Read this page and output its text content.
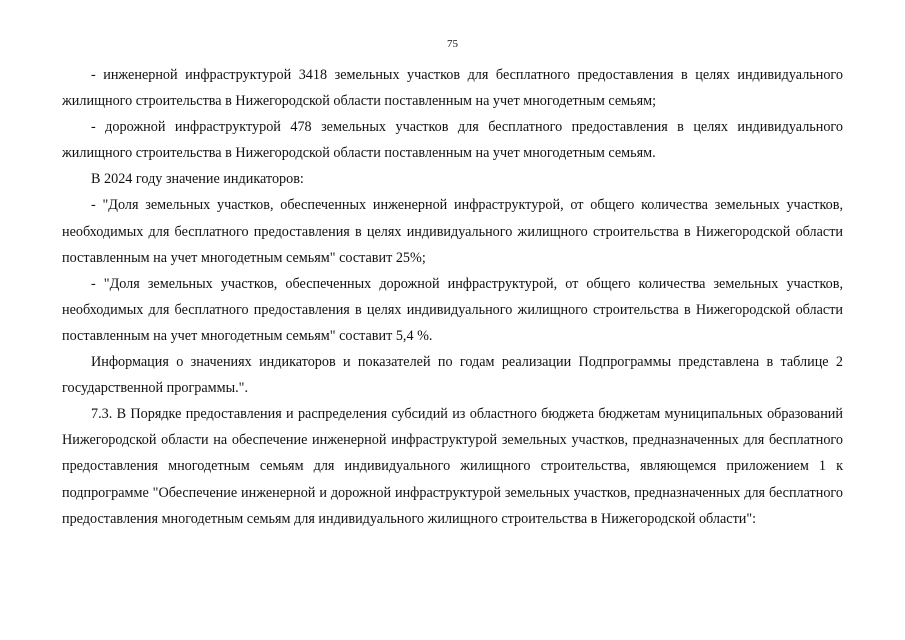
75

- инженерной инфраструктурой 3418 земельных участков для бесплатного предоставления в целях индивидуального жилищного строительства в Нижегородской области поставленным на учет многодетным семьям;

- дорожной инфраструктурой 478 земельных участков для бесплатного предоставления в целях индивидуального жилищного строительства в Нижегородской области поставленным на учет многодетным семьям.

В 2024 году значение индикаторов:

- "Доля земельных участков, обеспеченных инженерной инфраструктурой, от общего количества земельных участков, необходимых для бесплатного предоставления в целях индивидуального жилищного строительства в Нижегородской области поставленным на учет многодетным семьям" составит 25%;

- "Доля земельных участков, обеспеченных дорожной инфраструктурой, от общего количества земельных участков, необходимых для бесплатного предоставления в целях индивидуального жилищного строительства в Нижегородской области поставленным на учет многодетным семьям" составит 5,4 %.

Информация о значениях индикаторов и показателей по годам реализации Подпрограммы представлена в таблице 2 государственной программы.".

7.3. В Порядке предоставления и распределения субсидий из областного бюджета бюджетам муниципальных образований Нижегородской области на обеспечение инженерной инфраструктурой земельных участков, предназначенных для бесплатного предоставления многодетным семьям для индивидуального жилищного строительства, являющемся приложением 1 к подпрограмме "Обеспечение инженерной и дорожной инфраструктурой земельных участков, предназначенных для бесплатного предоставления многодетным семьям для индивидуального жилищного строительства в Нижегородской области":
